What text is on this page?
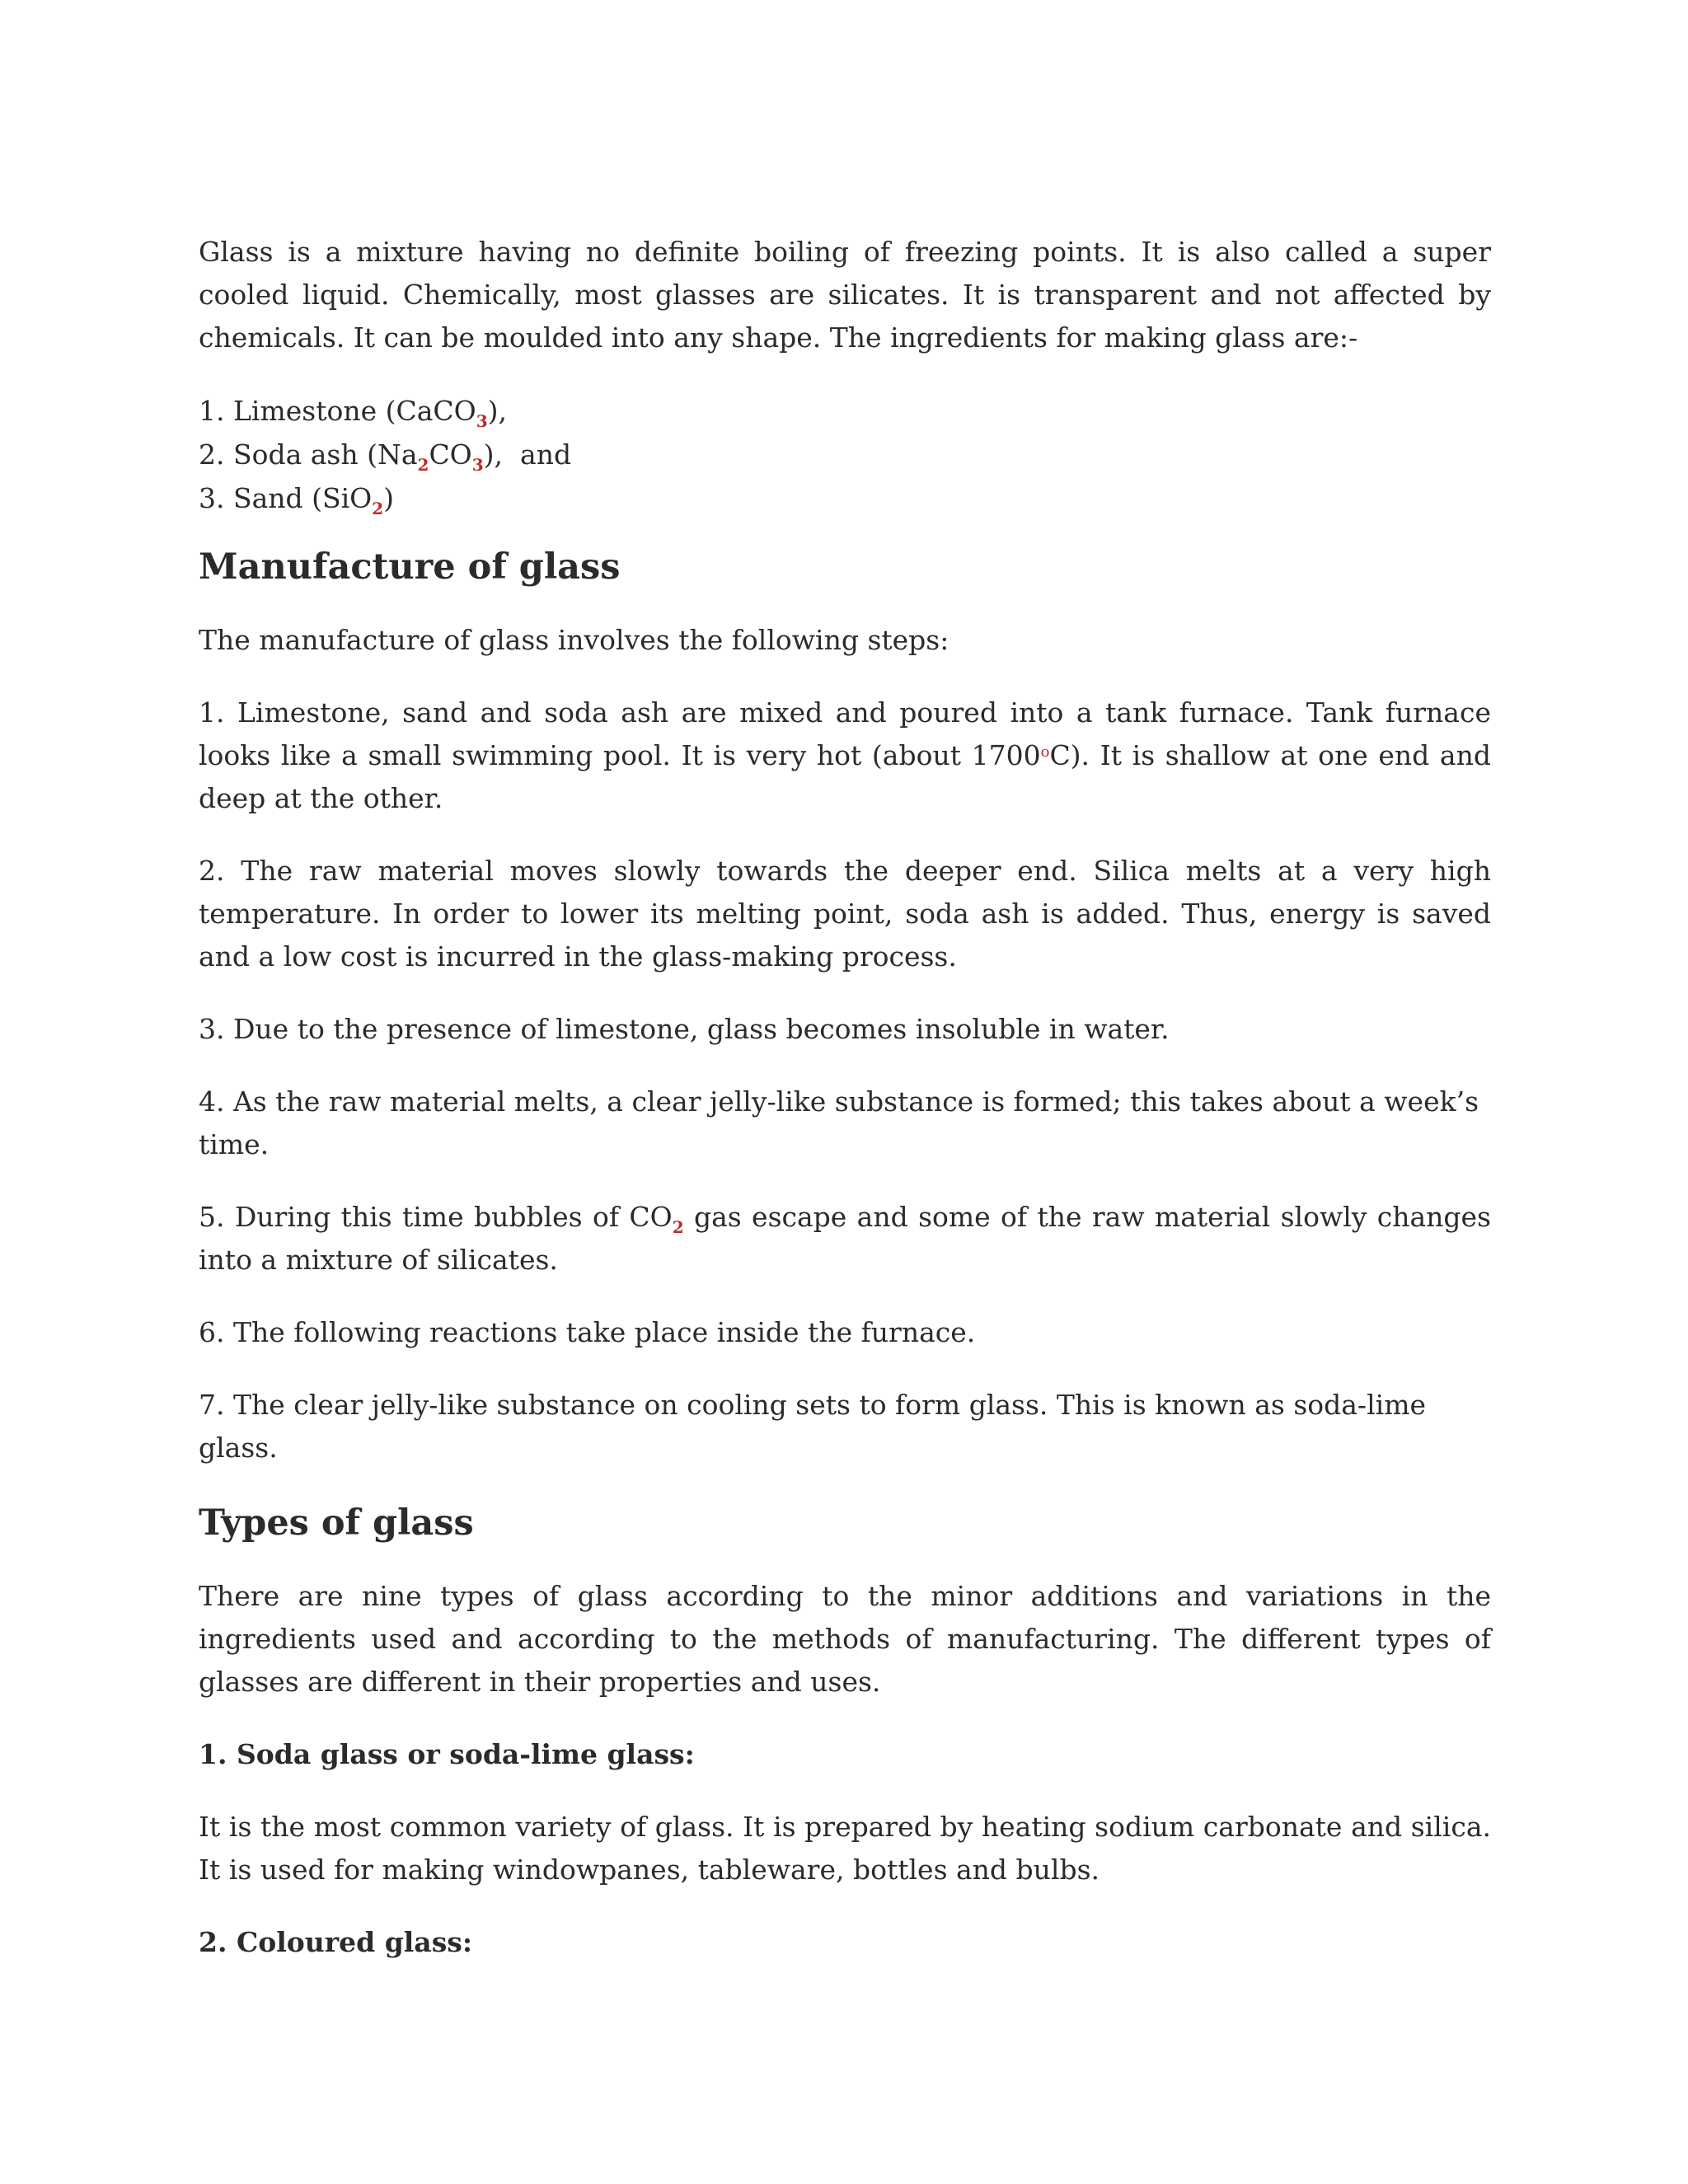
Glass is a mixture having no definite boiling of freezing points. It is also called a super cooled liquid. Chemically, most glasses are silicates. It is transparent and not affected by chemicals. It can be moulded into any shape. The ingredients for making glass are:-

1. Limestone (CaCO$_3$),

2. Soda ash $(Na_2CO_3)$,  and

3. Sand (SiO$_2$)

Manufacture of glass

The manufacture of glass involves the following steps:

1. Limestone, sand and soda ash are mixed and poured into a tank furnace. Tank furnace looks like a small swimming pool. It is very hot (about 1700$^o$C). It is shallow at one end and deep at the other.

2. The raw material moves slowly towards the deeper end. Silica melts at a very high temperature. In order to lower its melting point, soda ash is added. Thus, energy is saved and a low cost is incurred in the glass-making process.

3. Due to the presence of limestone, glass becomes insoluble in water.

4. As the raw material melts, a clear jelly-like substance is formed; this takes about a week’s time.

5. During this time bubbles of $CO_2$ gas escape and some of the raw material slowly changes into a mixture of silicates.

6. The following reactions take place inside the furnace.

7. The clear jelly-like substance on cooling sets to form glass. This is known as soda-lime glass.

Types of glass

There are nine types of glass according to the minor additions and variations in the ingredients used and according to the methods of manufacturing. The different types of glasses are different in their properties and uses.

1. Soda glass or soda-lime glass:

It is the most common variety of glass. It is prepared by heating sodium carbonate and silica. It is used for making windowpanes, tableware, bottles and bulbs.

2. Coloured glass:
